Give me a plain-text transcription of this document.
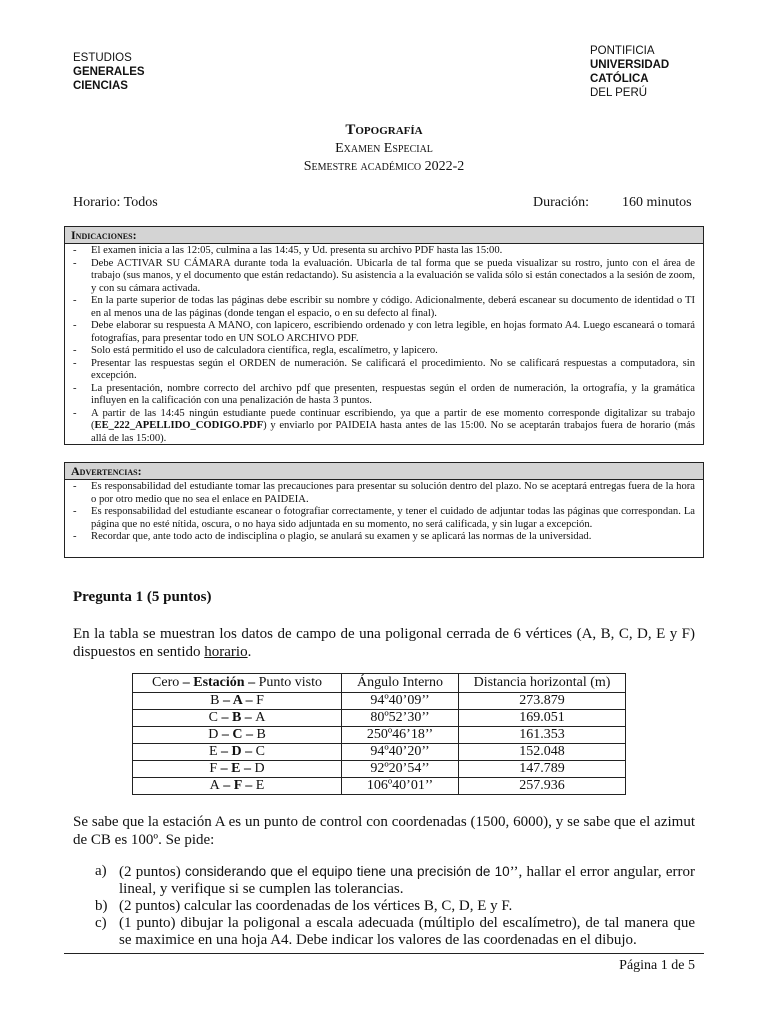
ESTUDIOS
GENERALES
CIENCIAS
PONTIFICIA
UNIVERSIDAD
CATÓLICA
DEL PERÚ
Topografía
Examen Especial
Semestre académico 2022-2
Horario: Todos	Duración: 160 minutos
Indicaciones:
- El examen inicia a las 12:05, culmina a las 14:45, y Ud. presenta su archivo PDF hasta las 15:00.
- Debe ACTIVAR SU CÁMARA durante toda la evaluación. Ubicarla de tal forma que se pueda visualizar su rostro, junto con el área de trabajo (sus manos, y el documento que están redactando). Su asistencia a la evaluación se valida sólo si están conectados a la sesión de zoom, y con su cámara activada.
- En la parte superior de todas las páginas debe escribir su nombre y código. Adicionalmente, deberá escanear su documento de identidad o TI en al menos una de las páginas (donde tengan el espacio, o en su defecto al final).
- Debe elaborar su respuesta A MANO, con lapicero, escribiendo ordenado y con letra legible, en hojas formato A4. Luego escaneará o tomará fotografías, para presentar todo en UN SOLO ARCHIVO PDF.
- Solo está permitido el uso de calculadora científica, regla, escalímetro, y lapicero.
- Presentar las respuestas según el ORDEN de numeración. Se calificará el procedimiento. No se calificará respuestas a computadora, sin excepción.
- La presentación, nombre correcto del archivo pdf que presenten, respuestas según el orden de numeración, la ortografía, y la gramática influyen en la calificación con una penalización de hasta 3 puntos.
- A partir de las 14:45 ningún estudiante puede continuar escribiendo, ya que a partir de ese momento corresponde digitalizar su trabajo (EE_222_APELLIDO_CODIGO.PDF) y enviarlo por PAIDEIA hasta antes de las 15:00. No se aceptarán trabajos fuera de horario (más allá de las 15:00).
Advertencias:
- Es responsabilidad del estudiante tomar las precauciones para presentar su solución dentro del plazo. No se aceptará entregas fuera de la hora o por otro medio que no sea el enlace en PAIDEIA.
- Es responsabilidad del estudiante escanear o fotografiar correctamente, y tener el cuidado de adjuntar todas las páginas que correspondan. La página que no esté nítida, oscura, o no haya sido adjuntada en su momento, no será calificada, y sin lugar a excepción.
- Recordar que, ante todo acto de indisciplina o plagio, se anulará su examen y se aplicará las normas de la universidad.
Pregunta 1 (5 puntos)
En la tabla se muestran los datos de campo de una poligonal cerrada de 6 vértices (A, B, C, D, E y F) dispuestos en sentido horario.
Cero – Estación – Punto visto	Ángulo Interno	Distancia horizontal (m)
B – A – F	94º40’09’’	273.879
C – B – A	80º52’30’’	169.051
D – C – B	250º46’18’’	161.353
E – D – C	94º40’20’’	152.048
F – E – D	92º20’54’’	147.789
A – F – E	106º40’01’’	257.936
Se sabe que la estación A es un punto de control con coordenadas (1500, 6000), y se sabe que el azimut de CB es 100º. Se pide:
a) (2 puntos) considerando que el equipo tiene una precisión de 10’’, hallar el error angular, error lineal, y verifique si se cumplen las tolerancias.
b) (2 puntos) calcular las coordenadas de los vértices B, C, D, E y F.
c) (1 punto) dibujar la poligonal a escala adecuada (múltiplo del escalímetro), de tal manera que se maximice en una hoja A4. Debe indicar los valores de las coordenadas en el dibujo.
Página 1 de 5
